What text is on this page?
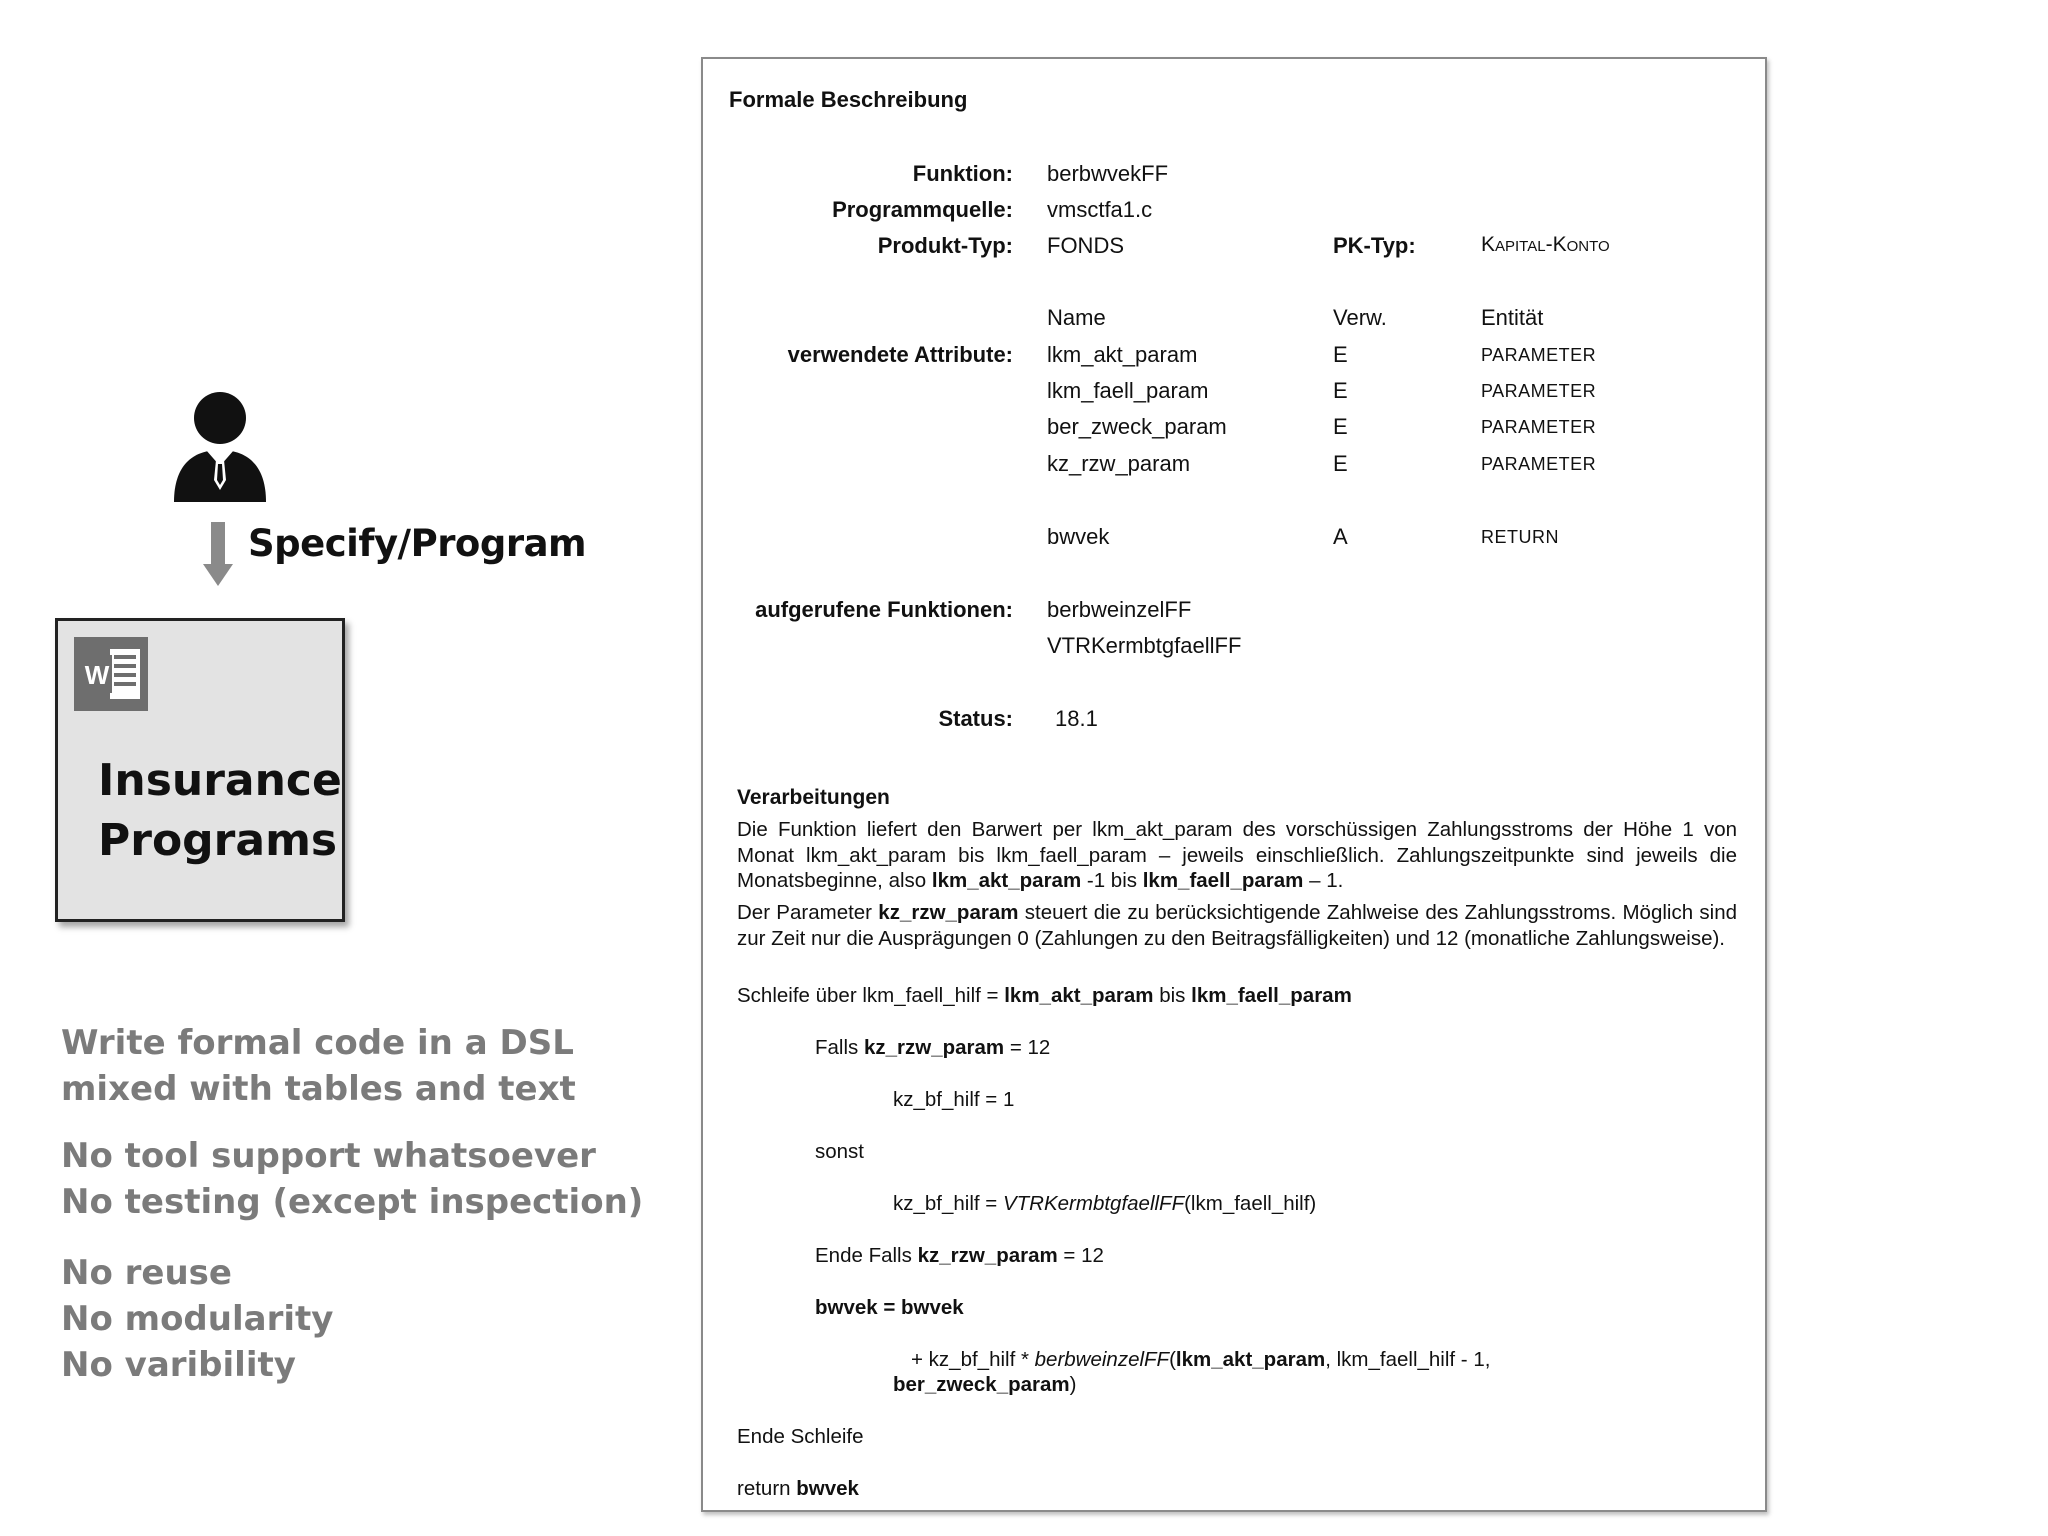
Specify/Program
W
Insurance
Programs
Write formal code in a DSL
mixed with tables and text
No tool support whatsoever
No testing (except inspection)
No reuse
No modularity
No varibility
Formale Beschreibung
Funktion: berbwvekFF
Programmquelle: vmsctfa1.c
Produkt-Typ: FONDS	PK-Typ:	Kapital-Konto
Name	Verw.	Entität
verwendete Attribute: lkm_akt_param	E	PARAMETER
lkm_faell_param	E	PARAMETER
ber_zweck_param	E	PARAMETER
kz_rzw_param	E	PARAMETER
bwvek	A	RETURN
aufgerufene Funktionen: berbweinzelFF
VTRKermbtgfaellFF
Status: 18.1
Verarbeitungen
Die Funktion liefert den Barwert per lkm_akt_param des vorschüssigen Zahlungsstroms der Höhe 1 von Monat lkm_akt_param bis lkm_faell_param – jeweils einschließlich. Zahlungszeitpunkte sind jeweils die Monatsbeginne, also lkm_akt_param -1 bis lkm_faell_param – 1.
Der Parameter kz_rzw_param steuert die zu berücksichtigende Zahlweise des Zahlungsstroms. Möglich sind zur Zeit nur die Ausprägungen 0 (Zahlungen zu den Beitragsfälligkeiten) und 12 (monatliche Zahlungsweise).
Schleife über lkm_faell_hilf = lkm_akt_param bis lkm_faell_param
Falls kz_rzw_param = 12
kz_bf_hilf = 1
sonst
kz_bf_hilf = VTRKermbtgfaellFF(lkm_faell_hilf)
Ende Falls kz_rzw_param = 12
bwvek = bwvek
+ kz_bf_hilf * berbweinzelFF(lkm_akt_param, lkm_faell_hilf - 1,
ber_zweck_param)
Ende Schleife
return bwvek
